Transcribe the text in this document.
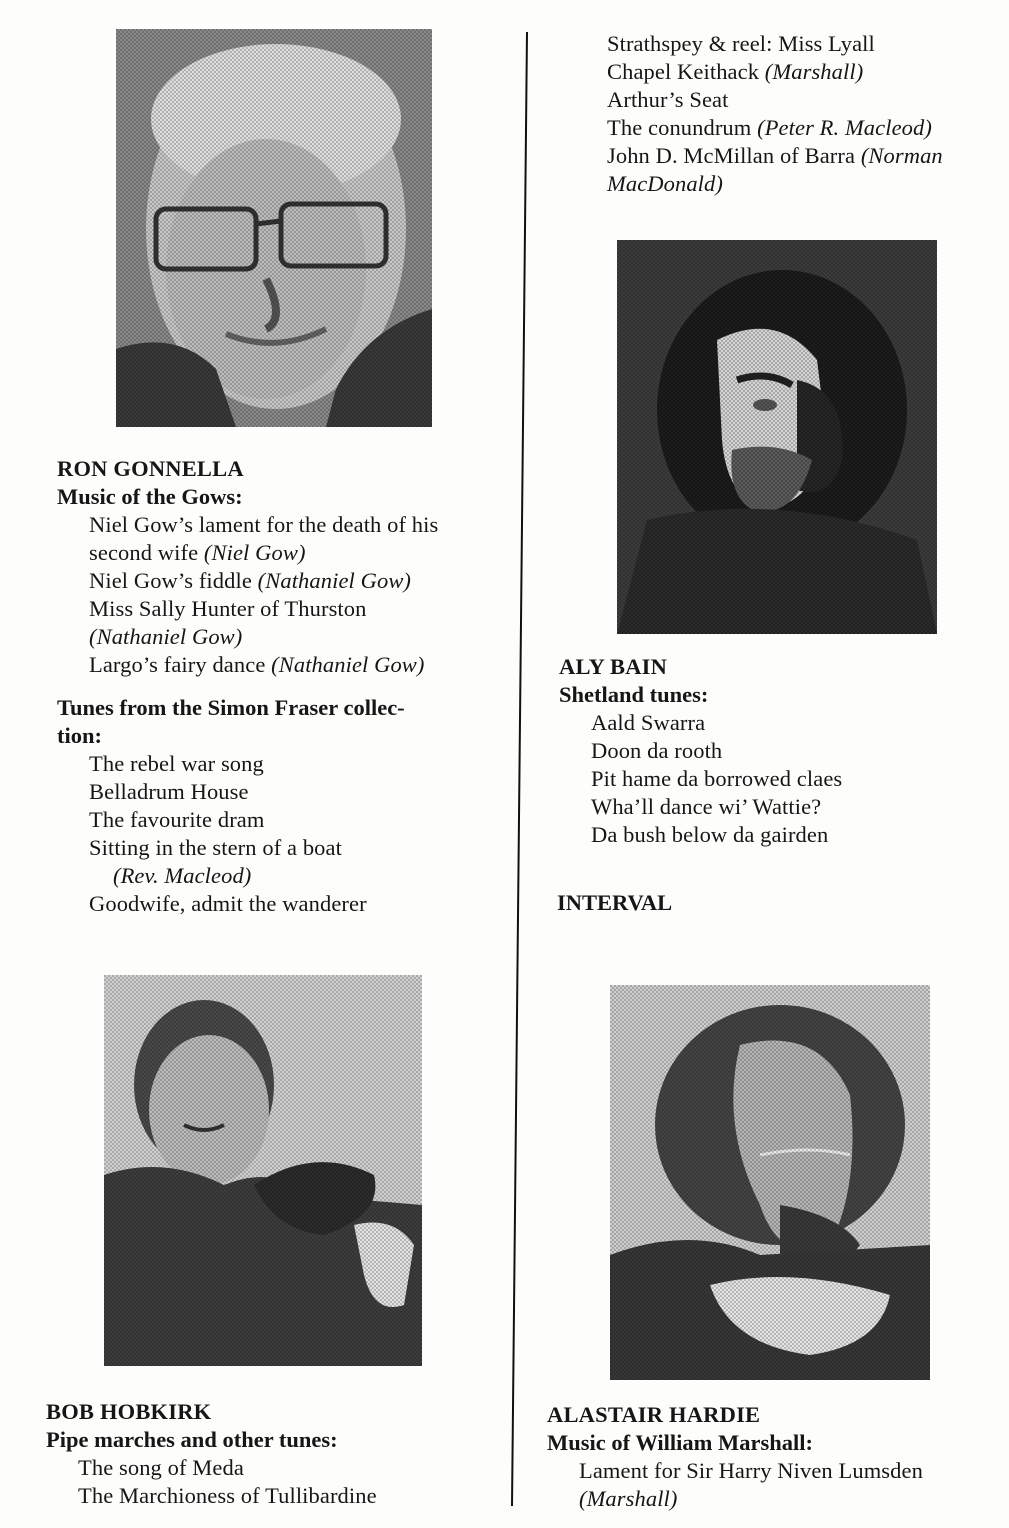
Strathspey & reel: Miss Lyall
Chapel Keithack (Marshall)
Arthur’s Seat
The conundrum (Peter R. Macleod)
John D. McMillan of Barra (Norman
MacDonald)
RON GONNELLA
Music of the Gows:
Niel Gow’s lament for the death of his
second wife (Niel Gow)
Niel Gow’s fiddle (Nathaniel Gow)
Miss Sally Hunter of Thurston
(Nathaniel Gow)
Largo’s fairy dance (Nathaniel Gow)
Tunes from the Simon Fraser collec-
tion:
The rebel war song
Belladrum House
The favourite dram
Sitting in the stern of a boat
(Rev. Macleod)
Goodwife, admit the wanderer
ALY BAIN
Shetland tunes:
Aald Swarra
Doon da rooth
Pit hame da borrowed claes
Wha’ll dance wi’ Wattie?
Da bush below da gairden
INTERVAL
BOB HOBKIRK
Pipe marches and other tunes:
The song of Meda
The Marchioness of Tullibardine
ALASTAIR HARDIE
Music of William Marshall:
Lament for Sir Harry Niven Lumsden
(Marshall)
